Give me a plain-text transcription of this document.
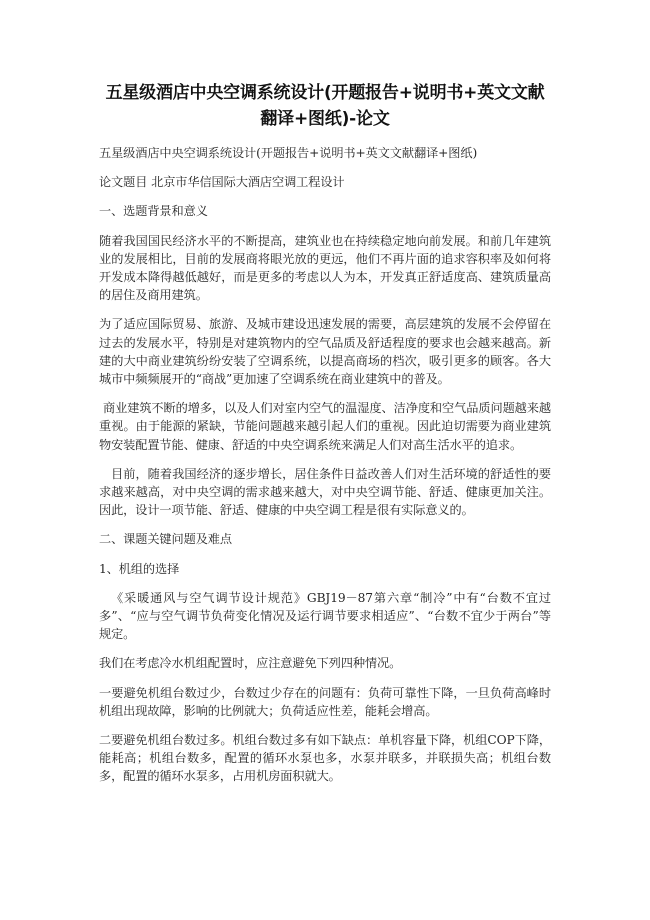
五星级酒店中央空调系统设计(开题报告+说明书+英文文献翻译+图纸)-论文
五星级酒店中央空调系统设计(开题报告+说明书+英文文献翻译+图纸)
论文题目 北京市华信国际大酒店空调工程设计
一、选题背景和意义
随着我国国民经济水平的不断提高，建筑业也在持续稳定地向前发展。和前几年建筑业的发展相比，目前的发展商将眼光放的更远，他们不再片面的追求容积率及如何将开发成本降得越低越好，而是更多的考虑以人为本，开发真正舒适度高、建筑质量高的居住及商用建筑。
为了适应国际贸易、旅游、及城市建设迅速发展的需要，高层建筑的发展不会停留在过去的发展水平，特别是对建筑物内的空气品质及舒适程度的要求也会越来越高。新建的大中商业建筑纷纷安装了空调系统，以提高商场的档次，吸引更多的顾客。各大城市中频频展开的“商战”更加速了空调系统在商业建筑中的普及。
商业建筑不断的增多，以及人们对室内空气的温湿度、洁净度和空气品质问题越来越重视。由于能源的紧缺，节能问题越来越引起人们的重视。因此迫切需要为商业建筑物安装配置节能、健康、舒适的中央空调系统来满足人们对高生活水平的追求。
目前，随着我国经济的逐步增长，居住条件日益改善人们对生活环境的舒适性的要求越来越高，对中央空调的需求越来越大，对中央空调节能、舒适、健康更加关注。因此，设计一项节能、舒适、健康的中央空调工程是很有实际意义的。
二、课题关键问题及难点
1、机组的选择
《采暖通风与空气调节设计规范》GBJ19－87第六章“制冷”中有“台数不宜过多”、“应与空气调节负荷变化情况及运行调节要求相适应”、“台数不宜少于两台”等规定。
我们在考虑冷水机组配置时，应注意避免下列四种情况。
一要避免机组台数过少，台数过少存在的问题有：负荷可靠性下降，一旦负荷高峰时机组出现故障，影响的比例就大；负荷适应性差，能耗会增高。
二要避免机组台数过多。机组台数过多有如下缺点：单机容量下降，机组COP下降，能耗高；机组台数多，配置的循环水泵也多，水泵并联多，并联损失高；机组台数多，配置的循环水泵多，占用机房面积就大。
